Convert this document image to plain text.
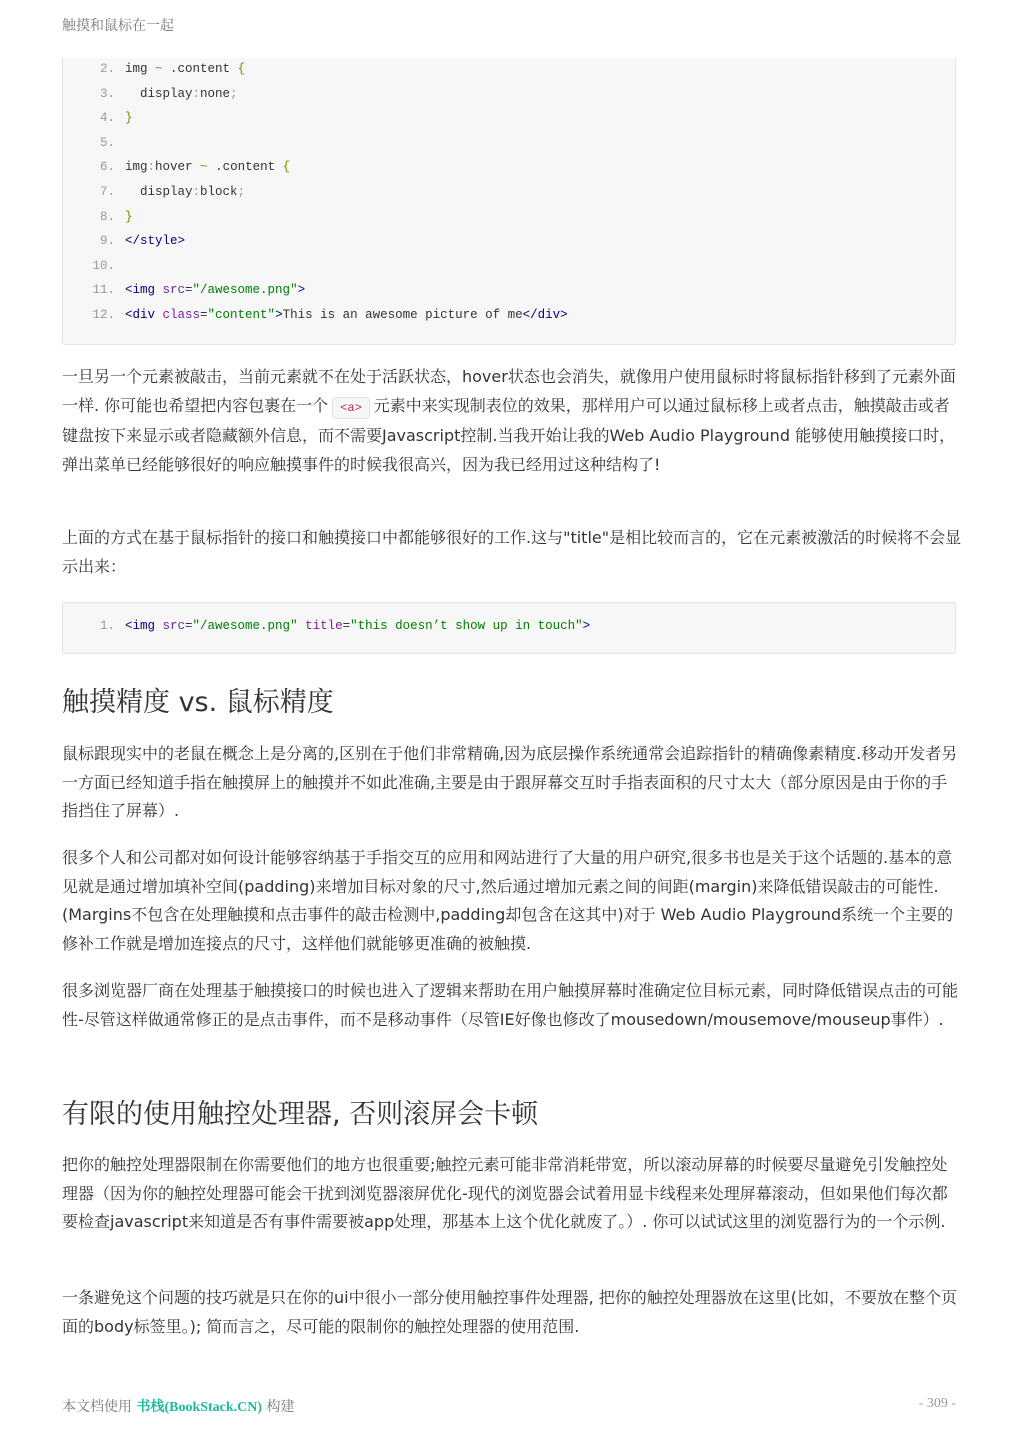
触摸和鼠标在一起
2. img ~ .content {
3. display:none;
4. }
5.
6. img:hover ~ .content {
7. display:block;
8. }
9. </style>
10.
11. <img src="/awesome.png">
12. <div class="content">This is an awesome picture of me</div>

一旦另一个元素被敲击，当前元素就不在处于活跃状态，hover状态也会消失，就像用户使用鼠标时将鼠标指针移到了元素外面一样. 你可能也希望把内容包裹在一个 <a> 元素中来实现制表位的效果，那样用户可以通过鼠标移上或者点击，触摸敲击或者键盘按下来显示或者隐藏额外信息，而不需要Javascript控制.当我开始让我的Web Audio Playground 能够使用触摸接口时，弹出菜单已经能够很好的响应触摸事件的时候我很高兴，因为我已经用过这种结构了!

上面的方式在基于鼠标指针的接口和触摸接口中都能够很好的工作.这与"title"是相比较而言的，它在元素被激活的时候将不会显示出来：

1. <img src="/awesome.png" title="this doesn’t show up in touch">
触摸精度 vs. 鼠标精度

鼠标跟现实中的老鼠在概念上是分离的,区别在于他们非常精确,因为底层操作系统通常会追踪指针的精确像素精度.移动开发者另一方面已经知道手指在触摸屏上的触摸并不如此准确,主要是由于跟屏幕交互时手指表面积的尺寸太大（部分原因是由于你的手指挡住了屏幕）.

很多个人和公司都对如何设计能够容纳基于手指交互的应用和网站进行了大量的用户研究,很多书也是关于这个话题的.基本的意见就是通过增加填补空间(padding)来增加目标对象的尺寸,然后通过增加元素之间的间距(margin)来降低错误敲击的可能性.(Margins不包含在处理触摸和点击事件的敲击检测中,padding却包含在这其中)对于 Web Audio Playground系统一个主要的修补工作就是增加连接点的尺寸，这样他们就能够更准确的被触摸.

很多浏览器厂商在处理基于触摸接口的时候也进入了逻辑来帮助在用户触摸屏幕时准确定位目标元素，同时降低错误点击的可能性-尽管这样做通常修正的是点击事件，而不是移动事件（尽管IE好像也修改了mousedown/mousemove/mouseup事件）.

有限的使用触控处理器, 否则滚屏会卡顿

把你的触控处理器限制在你需要他们的地方也很重要;触控元素可能非常消耗带宽，所以滚动屏幕的时候要尽量避免引发触控处理器（因为你的触控处理器可能会干扰到浏览器滚屏优化-现代的浏览器会试着用显卡线程来处理屏幕滚动，但如果他们每次都要检查javascript来知道是否有事件需要被app处理，那基本上这个优化就废了。）. 你可以试试这里的浏览器行为的一个示例.

一条避免这个问题的技巧就是只在你的ui中很小一部分使用触控事件处理器, 把你的触控处理器放在这里(比如，不要放在整个页面的body标签里。); 简而言之，尽可能的限制你的触控处理器的使用范围.

本文档使用 书栈(BookStack.CN) 构建	- 309 -
